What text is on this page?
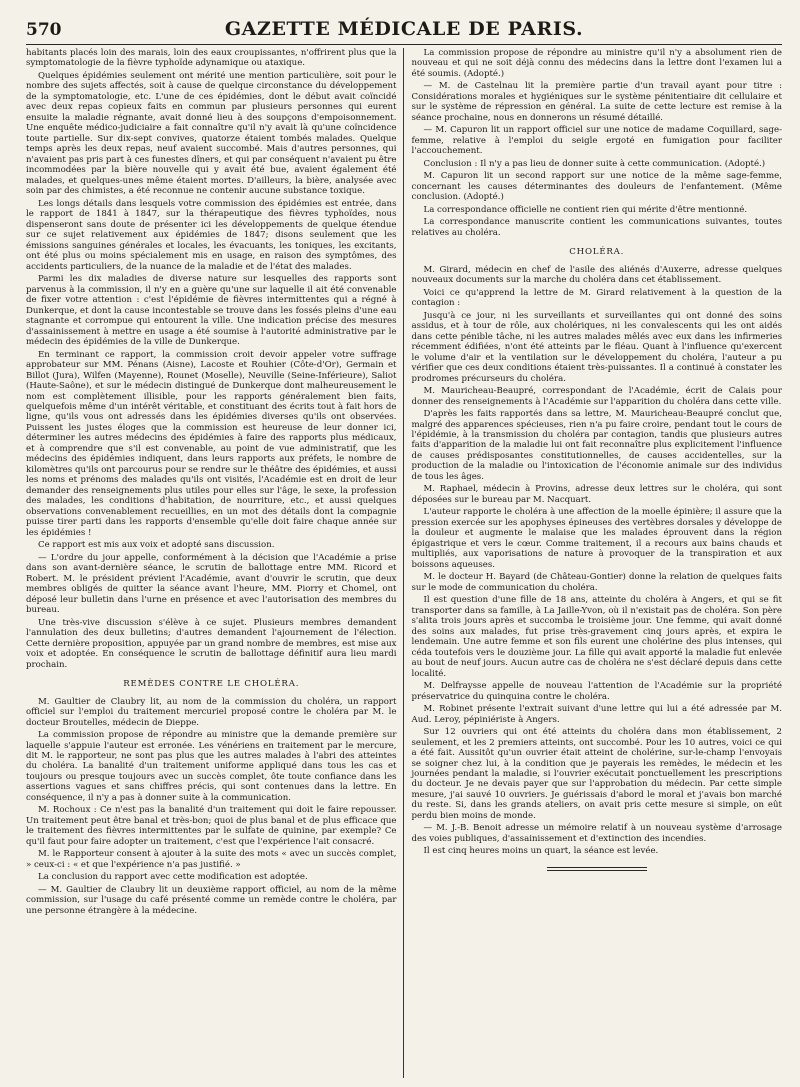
570	GAZETTE MÉDICALE DE PARIS.

habitants placés loin des marais, loin des eaux croupissantes, n'offrirent plus que la symptomatologie de la fièvre typhoïde adynamique ou ataxique.

Quelques épidémies seulement ont mérité une mention particulière, soit pour le nombre des sujets affectés, soit à cause de quelque circonstance du développement de la symptomatologie, etc. L'une de ces épidémies, dont le début avait coïncidé avec deux repas copieux faits en commun par plusieurs personnes qui eurent ensuite la maladie régnante, avait donné lieu à des soupçons d'empoisonnement. Une enquête médico-judiciaire a fait connaître qu'il n'y avait là qu'une coïncidence toute partielle. Sur dix-sept convives, quatorze étaient tombés malades. Quelque temps après les deux repas, neuf avaient succombé. Mais d'autres personnes, qui n'avaient pas pris part à ces funestes dîners, et qui par conséquent n'avaient pu être incommodées par la bière nouvelle qui y avait été bue, avaient également été malades, et quelques-unes même étaient mortes. D'ailleurs, la bière, analysée avec soin par des chimistes, a été reconnue ne contenir aucune substance toxique.

Les longs détails dans lesquels votre commission des épidémies est entrée, dans le rapport de 1841 à 1847, sur la thérapeutique des fièvres typhoïdes, nous dispenseront sans doute de présenter ici les développements de quelque étendue sur ce sujet relativement aux épidémies de 1847; disons seulement que les émissions sanguines générales et locales, les évacuants, les toniques, les excitants, ont été plus ou moins spécialement mis en usage, en raison des symptômes, des accidents particuliers, de la nuance de la maladie et de l'état des malades.

Parmi les dix maladies de diverse nature sur lesquelles des rapports sont parvenus à la commission, il n'y en a guère qu'une sur laquelle il ait été convenable de fixer votre attention : c'est l'épidémie de fièvres intermittentes qui a régné à Dunkerque, et dont la cause incontestable se trouve dans les fossés pleins d'une eau stagnante et corrompue qui entourent la ville. Une indication précise des mesures d'assainissement à mettre en usage a été soumise à l'autorité administrative par le médecin des épidémies de la ville de Dunkerque.

En terminant ce rapport, la commission croit devoir appeler votre suffrage approbateur sur MM. Pénans (Aisne), Lacoste et Rouhier (Côte-d'Or), Germain et Billot (Jura), Wilfen (Mayenne), Rounet (Moselle), Neuville (Seine-Inférieure), Saliot (Haute-Saône), et sur le médecin distingué de Dunkerque dont malheureusement le nom est complètement illisible, pour les rapports généralement bien faits, quelquefois même d'un intérêt véritable, et constituant des écrits tout à fait hors de ligne, qu'ils vous ont adressés dans les épidémies diverses qu'ils ont observées. Puissent les justes éloges que la commission est heureuse de leur donner ici, déterminer les autres médecins des épidémies à faire des rapports plus médicaux, et à comprendre que s'il est convenable, au point de vue administratif, que les médecins des épidémies indiquent, dans leurs rapports aux préfets, le nombre de kilomètres qu'ils ont parcourus pour se rendre sur le théâtre des épidémies, et aussi les noms et prénoms des malades qu'ils ont visités, l'Académie est en droit de leur demander des renseignements plus utiles pour elles sur l'âge, le sexe, la profession des malades, les conditions d'habitation, de nourriture, etc., et aussi quelques observations convenablement recueillies, en un mot des détails dont la compagnie puisse tirer parti dans les rapports d'ensemble qu'elle doit faire chaque année sur les épidémies !

Ce rapport est mis aux voix et adopté sans discussion.

— L'ordre du jour appelle, conformément à la décision que l'Académie a prise dans son avant-dernière séance, le scrutin de ballottage entre MM. Ricord et Robert. M. le président prévient l'Académie, avant d'ouvrir le scrutin, que deux membres obligés de quitter la séance avant l'heure, MM. Piorry et Chomel, ont déposé leur bulletin dans l'urne en présence et avec l'autorisation des membres du bureau.

Une très-vive discussion s'élève à ce sujet. Plusieurs membres demandent l'annulation des deux bulletins; d'autres demandent l'ajournement de l'élection. Cette dernière proposition, appuyée par un grand nombre de membres, est mise aux voix et adoptée. En conséquence le scrutin de ballottage définitif aura lieu mardi prochain.

REMÈDES CONTRE LE CHOLÉRA.

M. Gaultier de Claubry lit, au nom de la commission du choléra, un rapport officiel sur l'emploi du traitement mercuriel proposé contre le choléra par M. le docteur Broutelles, médecin de Dieppe.

La commission propose de répondre au ministre que la demande première sur laquelle s'appuie l'auteur est erronée. Les vénériens en traitement par le mercure, dit M. le rapporteur, ne sont pas plus que les autres malades à l'abri des atteintes du choléra. La banalité d'un traitement uniforme appliqué dans tous les cas et toujours ou presque toujours avec un succès complet, ôte toute confiance dans les assertions vagues et sans chiffres précis, qui sont contenues dans la lettre. En conséquence, il n'y a pas à donner suite à la communication.

M. Rochoux : Ce n'est pas la banalité d'un traitement qui doit le faire repousser. Un traitement peut être banal et très-bon; quoi de plus banal et de plus efficace que le traitement des fièvres intermittentes par le sulfate de quinine, par exemple? Ce qu'il faut pour faire adopter un traitement, c'est que l'expérience l'ait consacré.

M. le Rapporteur consent à ajouter à la suite des mots « avec un succès complet, » ceux-ci : « et que l'expérience n'a pas justifié. »

La conclusion du rapport avec cette modification est adoptée.

— M. Gaultier de Claubry lit un deuxième rapport officiel, au nom de la même commission, sur l'usage du café présenté comme un remède contre le choléra, par une personne étrangère à la médecine.

La commission propose de répondre au ministre qu'il n'y a absolument rien de nouveau et qui ne soit déjà connu des médecins dans la lettre dont l'examen lui a été soumis. (Adopté.)

— M. de Castelnau lit la première partie d'un travail ayant pour titre : Considérations morales et hygiéniques sur le système pénitentiaire dit cellulaire et sur le système de répression en général. La suite de cette lecture est remise à la séance prochaine, nous en donnerons un résumé détaillé.

— M. Capuron lit un rapport officiel sur une notice de madame Coquillard, sage-femme, relative à l'emploi du seigle ergoté en fumigation pour faciliter l'accouchement.

Conclusion : Il n'y a pas lieu de donner suite à cette communication. (Adopté.)

M. Capuron lit un second rapport sur une notice de la même sage-femme, concernant les causes déterminantes des douleurs de l'enfantement. (Même conclusion. (Adopté.)

La correspondance officielle ne contient rien qui mérite d'être mentionné.

La correspondance manuscrite contient les communications suivantes, toutes relatives au choléra.

CHOLÉRA.

M. Girard, médecin en chef de l'asile des aliénés d'Auxerre, adresse quelques nouveaux documents sur la marche du choléra dans cet établissement.

Voici ce qu'apprend la lettre de M. Girard relativement à la question de la contagion :

Jusqu'à ce jour, ni les surveillants et surveillantes qui ont donné des soins assidus, et à tour de rôle, aux cholériques, ni les convalescents qui les ont aidés dans cette pénible tâche, ni les autres malades mêlés avec eux dans les infirmeries récemment édifiées, n'ont été atteints par le fléau. Quant à l'influence qu'exercent le volume d'air et la ventilation sur le développement du choléra, l'auteur a pu vérifier que ces deux conditions étaient très-puissantes. Il a continué à constater les prodromes précurseurs du choléra.

M. Mauricheau-Beaupré, correspondant de l'Académie, écrit de Calais pour donner des renseignements à l'Académie sur l'apparition du choléra dans cette ville.

D'après les faits rapportés dans sa lettre, M. Mauricheau-Beaupré conclut que, malgré des apparences spécieuses, rien n'a pu faire croire, pendant tout le cours de l'épidémie, à la transmission du choléra par contagion, tandis que plusieurs autres faits d'apparition de la maladie lui ont fait reconnaître plus explicitement l'influence de causes prédisposantes constitutionnelles, de causes accidentelles, sur la production de la maladie ou l'intoxication de l'économie animale sur des individus de tous les âges.

M. Raphael, médecin à Provins, adresse deux lettres sur le choléra, qui sont déposées sur le bureau par M. Nacquart.

L'auteur rapporte le choléra à une affection de la moelle épinière; il assure que la pression exercée sur les apophyses épineuses des vertèbres dorsales y développe de la douleur et augmente le malaise que les malades éprouvent dans la région épigastrique et vers le cœur. Comme traitement, il a recours aux bains chauds et multipliés, aux vaporisations de nature à provoquer de la transpiration et aux boissons aqueuses.

M. le docteur H. Bayard (de Château-Gontier) donne la relation de quelques faits sur le mode de communication du choléra.

Il est question d'une fille de 18 ans, atteinte du choléra à Angers, et qui se fit transporter dans sa famille, à La Jaille-Yvon, où il n'existait pas de choléra. Son père s'alita trois jours après et succomba le troisième jour. Une femme, qui avait donné des soins aux malades, fut prise très-gravement cinq jours après, et expira le lendemain. Une autre femme et son fils eurent une cholérine des plus intenses, qui céda toutefois vers le douzième jour. La fille qui avait apporté la maladie fut enlevée au bout de neuf jours. Aucun autre cas de choléra ne s'est déclaré depuis dans cette localité.

M. Delfraysse appelle de nouveau l'attention de l'Académie sur la propriété préservatrice du quinquina contre le choléra.

M. Robinet présente l'extrait suivant d'une lettre qui lui a été adressée par M. Aud. Leroy, pépiniériste à Angers.

Sur 12 ouvriers qui ont été atteints du choléra dans mon établissement, 2 seulement, et les 2 premiers atteints, ont succombé. Pour les 10 autres, voici ce qui a été fait. Aussitôt qu'un ouvrier était atteint de cholérine, sur-le-champ l'envoyais se soigner chez lui, à la condition que je payerais les remèdes, le médecin et les journées pendant la maladie, si l'ouvrier exécutait ponctuellement les prescriptions du docteur. Je ne devais payer que sur l'approbation du médecin. Par cette simple mesure, j'ai sauvé 10 ouvriers. Je guérissais d'abord le moral et j'avais bon marché du reste. Si, dans les grands ateliers, on avait pris cette mesure si simple, on eût perdu bien moins de monde.

— M. J.-B. Benoit adresse un mémoire relatif à un nouveau système d'arrosage des voies publiques, d'assainissement et d'extinction des incendies.

Il est cinq heures moins un quart, la séance est levée.
